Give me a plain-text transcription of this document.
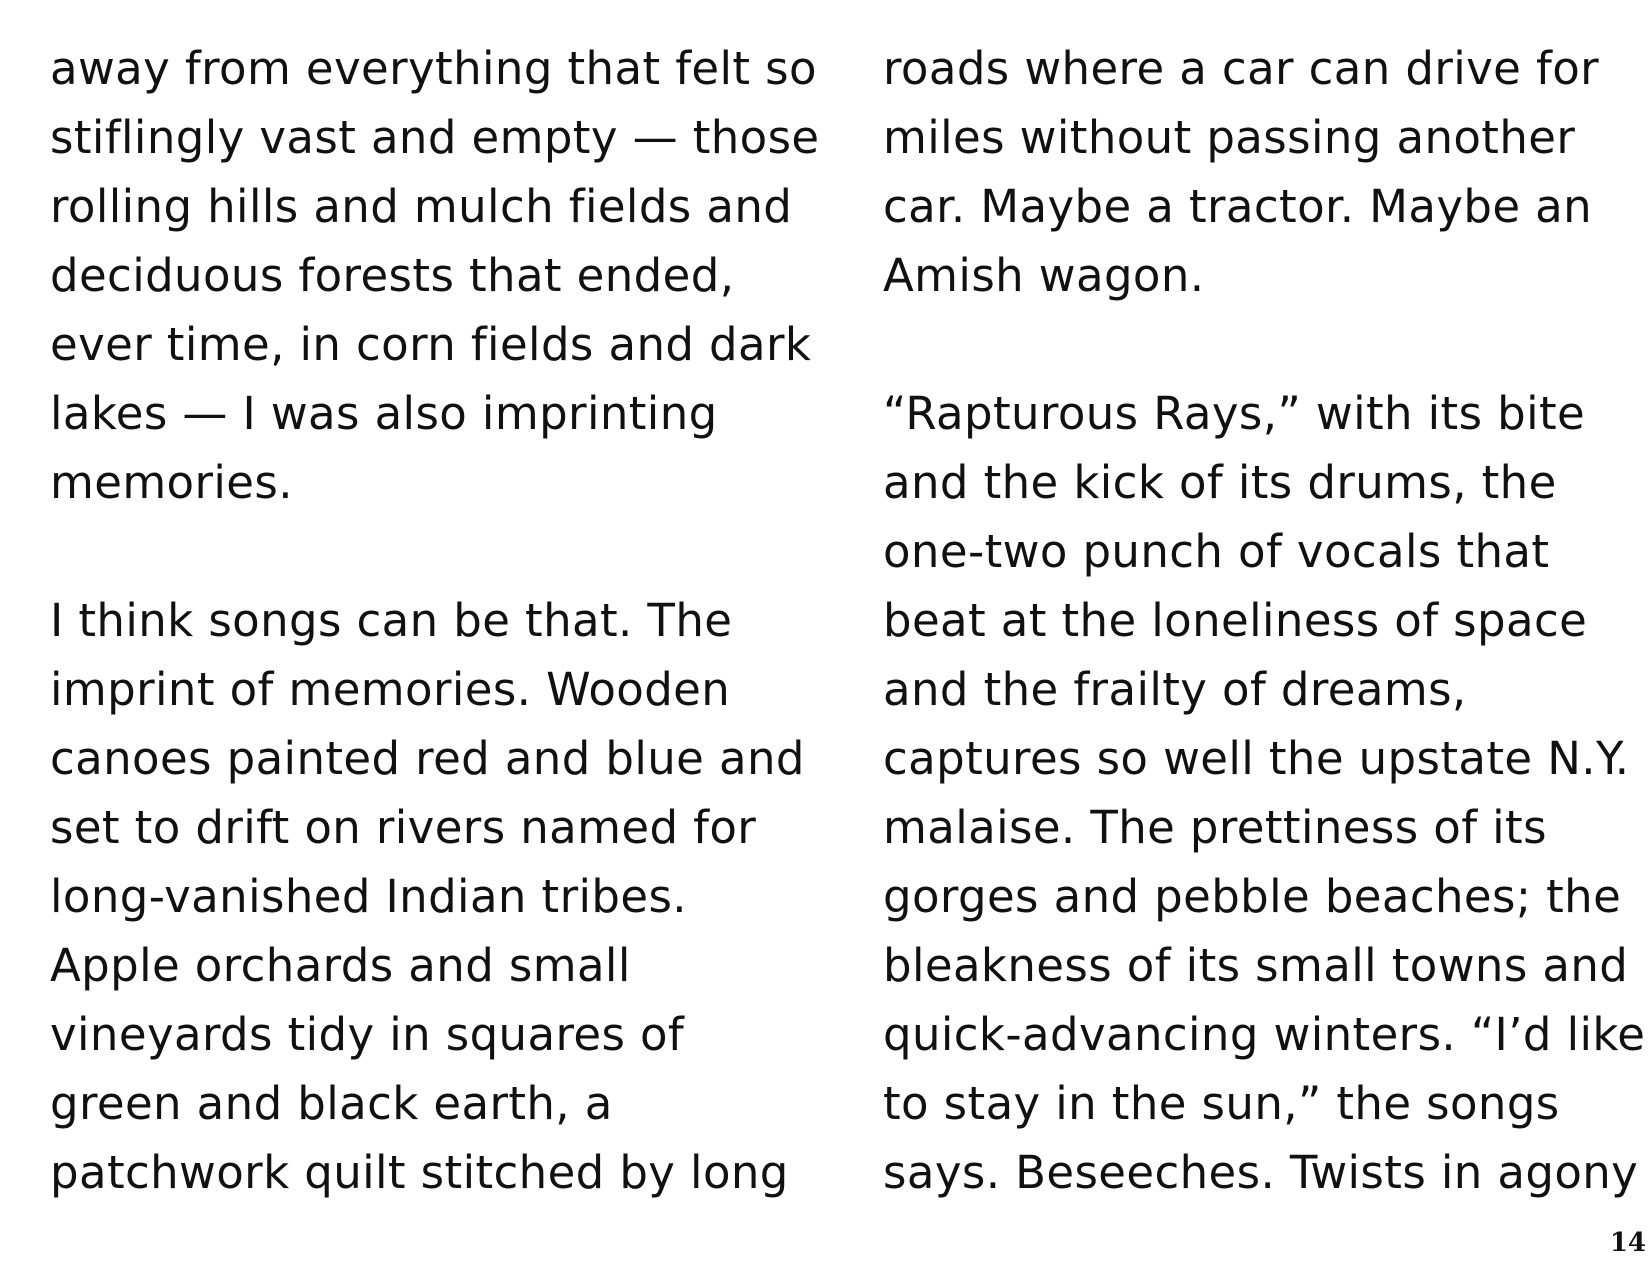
away from everything that felt so
stiflingly vast and empty — those
rolling hills and mulch fields and
deciduous forests that ended,
ever time, in corn fields and dark
lakes — I was also imprinting
memories.
I think songs can be that. The
imprint of memories. Wooden
canoes painted red and blue and
set to drift on rivers named for
long-vanished Indian tribes.
Apple orchards and small
vineyards tidy in squares of
green and black earth, a
patchwork quilt stitched by long
roads where a car can drive for
miles without passing another
car. Maybe a tractor. Maybe an
Amish wagon.
“Rapturous Rays,” with its bite
and the kick of its drums, the
one-two punch of vocals that
beat at the loneliness of space
and the frailty of dreams,
captures so well the upstate N.Y.
malaise. The prettiness of its
gorges and pebble beaches; the
bleakness of its small towns and
quick-advancing winters. “I’d like
to stay in the sun,” the songs
says. Beseeches. Twists in agony
14
